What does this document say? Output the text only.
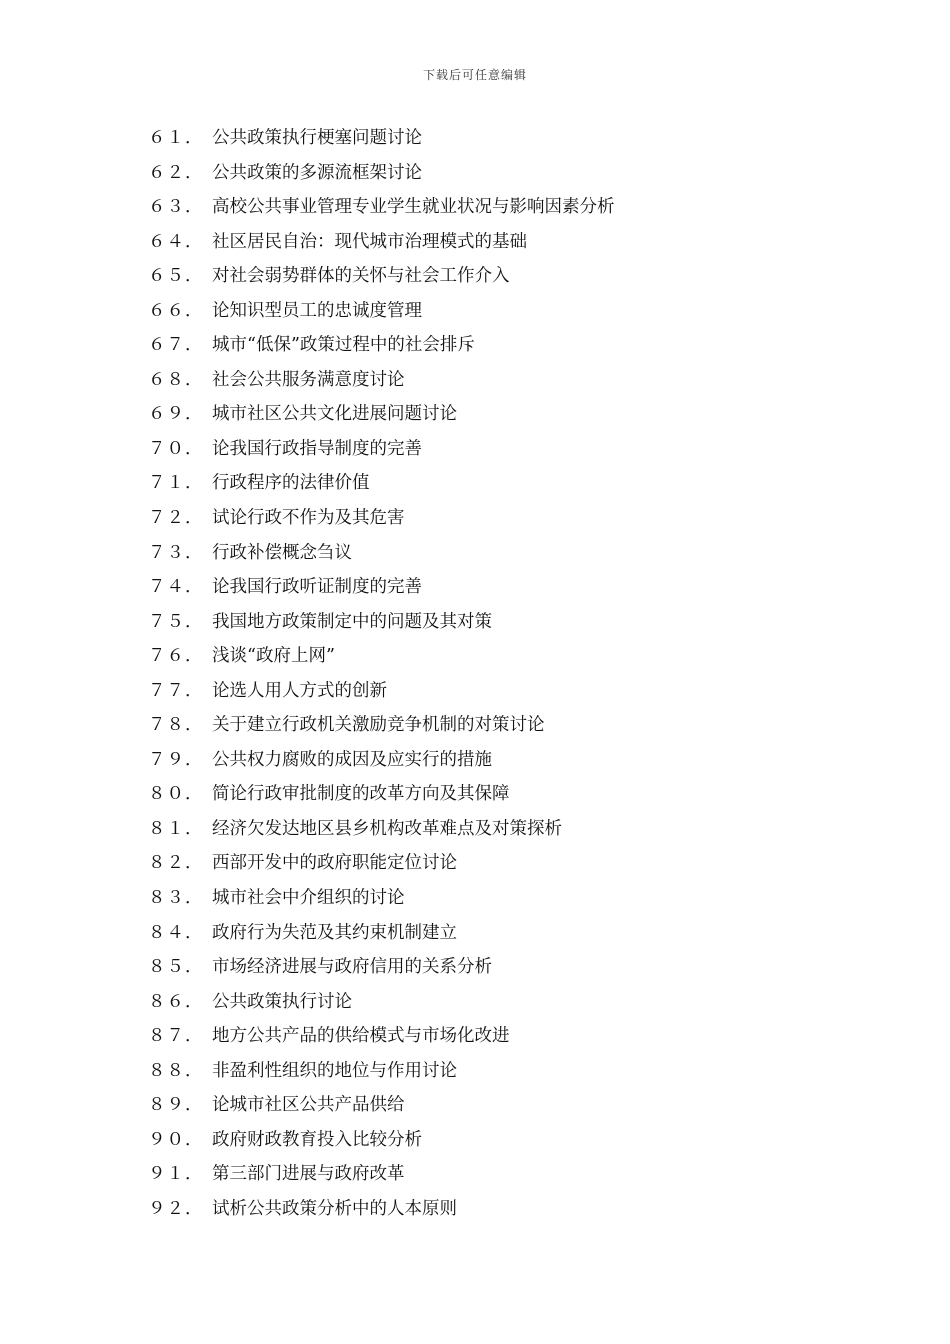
下载后可任意编辑
６１． 公共政策执行梗塞问题讨论
６２． 公共政策的多源流框架讨论
６３． 高校公共事业管理专业学生就业状况与影响因素分析
６４． 社区居民自治：现代城市治理模式的基础
６５． 对社会弱势群体的关怀与社会工作介入
６６． 论知识型员工的忠诚度管理
６７． 城市“低保”政策过程中的社会排斥
６８． 社会公共服务满意度讨论
６９． 城市社区公共文化进展问题讨论
７０． 论我国行政指导制度的完善
７１． 行政程序的法律价值
７２． 试论行政不作为及其危害
７３． 行政补偿概念刍议
７４． 论我国行政听证制度的完善
７５． 我国地方政策制定中的问题及其对策
７６． 浅谈“政府上网”
７７． 论选人用人方式的创新
７８． 关于建立行政机关激励竞争机制的对策讨论
７９． 公共权力腐败的成因及应实行的措施
８０． 简论行政审批制度的改革方向及其保障
８１． 经济欠发达地区县乡机构改革难点及对策探析
８２． 西部开发中的政府职能定位讨论
８３． 城市社会中介组织的讨论
８４． 政府行为失范及其约束机制建立
８５． 市场经济进展与政府信用的关系分析
８６． 公共政策执行讨论
８７． 地方公共产品的供给模式与市场化改进
８８． 非盈利性组织的地位与作用讨论
８９． 论城市社区公共产品供给
９０． 政府财政教育投入比较分析
９１． 第三部门进展与政府改革
９２． 试析公共政策分析中的人本原则
